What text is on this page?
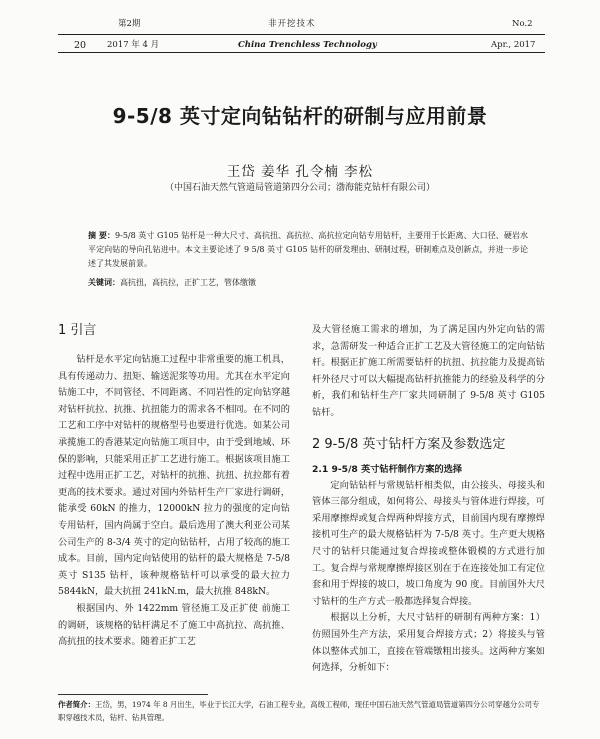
第2期	非开挖技术	No.2
20 2017 年 4 月	China Trenchless Technology	Apr., 2017
9-5/8 英寸定向钻钻杆的研制与应用前景
王岱 姜华 孔令楠 李松
（中国石油天然气管道局管道第四分公司；渤海能克钻杆有限公司）
摘 要：9-5/8 英寸 G105 钻杆是一种大尺寸、高抗扭、高抗拉、高抗拉定向钻专用钻杆，主要用于长距离、大口径、硬岩水平定向钻的导向孔钻进中。本文主要论述了 9 5/8 英寸 G105 钻杆的研发理由、研制过程，研制难点及创新点，并进一步论述了其发展前景。
关键词：高抗扭，高抗拉，正扩工艺，管体缴镦
1 引言

钻杆是水平定向钻施工过程中非常重要的施工机具，具有传递动力、扭矩、输送泥浆等功用。尤其在水平定向钻施工中，不同管径、不同距离、不同岩性的定向钻穿越对钻杆抗拉、抗推、抗扭能力的需求各不相同。在不同的工艺和工序中对钻杆的规格型号也要进行优选。如某公司承揽施工的香港某定向钻施工项目中，由于受到地域、环保的影响，只能采用正扩工艺进行施工。根据该项目施工过程中选用正扩工艺，对钻杆的抗推、抗扭、抗拉都有着更高的技术要求。通过对国内外钻杆生产厂家进行调研，能承受 60kN 的推力，12000kN 拉力的强度的定向钻专用钻杆，国内尚属于空白。最后选用了澳大利亚公司某公司生产的 8-3/4 英寸的定向钻钻杆，占用了较高的施工成本。目前，国内定向钻使用的钻杆的最大规格是 7-5/8 英寸 S135 钻杆，该种规格钻杆可以承受的最大拉力 5844kN，最大抗扭 241kN.m，最大抗推 848kN。

根据国内、外 1422mm 管径施工及正扩使 前施工的调研，该规格的钻杆满足不了施工中高抗拉、高抗推、高抗扭的技术要求。随着正扩工艺

及大管径施工需求的增加，为了满足国内外定向钻的需求，急需研发一种适合正扩工艺及大管径施工的定向钻钻杆。根据正扩施工所需要钻杆的抗扭、抗拉能力及提高钻杆外径尺寸可以大幅提高钻杆抗推能力的经验及科学的分析，我们和钻杆生产厂家共同研制了 9-5/8 英寸 G105 钻杆。

2 9-5/8 英寸钻杆方案及参数选定
2.1 9-5/8 英寸钻杆制作方案的选择

定向钻钻杆与常规钻杆相类似，由公接头、母接头和管体三部分组成，如何将公、母接头与管体进行焊接，可采用摩擦焊或复合焊两种焊接方式，目前国内现有摩擦焊接机可生产的最大规格钻杆为 7-5/8 英寸。生产更大规格尺寸的钻杆只能通过复合焊接或整体锻模的方式进行加工。复合焊与常规摩擦焊接区别在于在连接处加工有定位套和用于焊接的坡口，坡口角度为 90 度。目前国外大尺寸钻杆的生产方式一般都选择复合焊接。

根据以上分析，大尺寸钻杆的研制有两种方案：1）仿照国外生产方法，采用复合焊接方式；2）将接头与管体以整体式加工，直接在管端镦粗出接头。这两种方案如何选择，分析如下：

作者简介：王岱，男，1974 年 8 月出生，毕业于长江大学，石油工程专业，高级工程师，现任中国石油天然气管道局管道第四分公司穿越分公司专职穿越技术员，钻杆、钻具管理。
